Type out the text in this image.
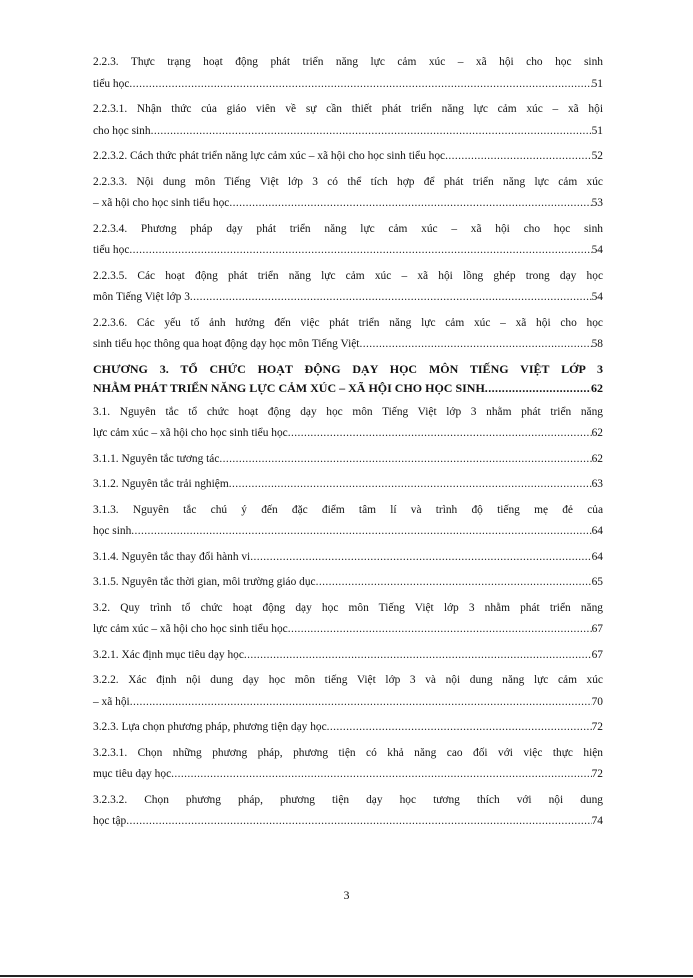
2.2.3. Thực trạng hoạt động phát triển năng lực cảm xúc – xã hội cho học sinh
tiểu học .....	51
2.2.3.1. Nhận thức của giáo viên về sự cần thiết phát triển năng lực cảm xúc – xã hội
cho học sinh .....	51
2.2.3.2. Cách thức phát triển năng lực cảm xúc – xã hội cho học sinh tiểu học .....	52
2.2.3.3. Nội dung môn Tiếng Việt lớp 3 có thể tích hợp để phát triển năng lực cảm xúc
– xã hội cho học sinh tiểu học .....	53
2.2.3.4. Phương pháp dạy phát triển năng lực cảm xúc – xã hội cho học sinh
tiểu học .....	54
2.2.3.5. Các hoạt động phát triển năng lực cảm xúc – xã hội lồng ghép trong dạy học
môn Tiếng Việt lớp 3 .....	54
2.2.3.6. Các yếu tố ảnh hưởng đến việc phát triển năng lực cảm xúc – xã hội cho học
sinh tiểu học thông qua hoạt động dạy học môn Tiếng Việt .....	58
CHƯƠNG 3. TỔ CHỨC HOẠT ĐỘNG DẠY HỌC MÔN TIẾNG VIỆT LỚP 3
NHẰM PHÁT TRIỂN NĂNG LỰC CẢM XÚC – XÃ HỘI CHO HỌC SINH .....	62
3.1. Nguyên tắc tổ chức hoạt động dạy học môn Tiếng Việt lớp 3 nhằm phát triển năng
lực cảm xúc – xã hội cho học sinh tiểu học .....	62
3.1.1. Nguyên tắc tương tác .....	62
3.1.2. Nguyên tắc trải nghiệm .....	63
3.1.3. Nguyên tắc chú ý đến đặc điểm tâm lí và trình độ tiếng mẹ đẻ của
học sinh .....	64
3.1.4. Nguyên tắc thay đổi hành vi .....	64
3.1.5. Nguyên tắc thời gian, môi trường giáo dục .....	65
3.2. Quy trình tổ chức hoạt động dạy học môn Tiếng Việt lớp 3 nhằm phát triển năng
lực cảm xúc – xã hội cho học sinh tiểu học .....	67
3.2.1. Xác định mục tiêu dạy học .....	67
3.2.2. Xác định nội dung dạy học môn tiếng Việt lớp 3 và nội dung năng lực cảm xúc
– xã hội .....	70
3.2.3. Lựa chọn phương pháp, phương tiện dạy học .....	72
3.2.3.1. Chọn những phương pháp, phương tiện có khả năng cao đối với việc thực hiện
mục tiêu dạy học .....	72
3.2.3.2. Chọn phương pháp, phương tiện dạy học tương thích với nội dung
học tập .....	74
3
